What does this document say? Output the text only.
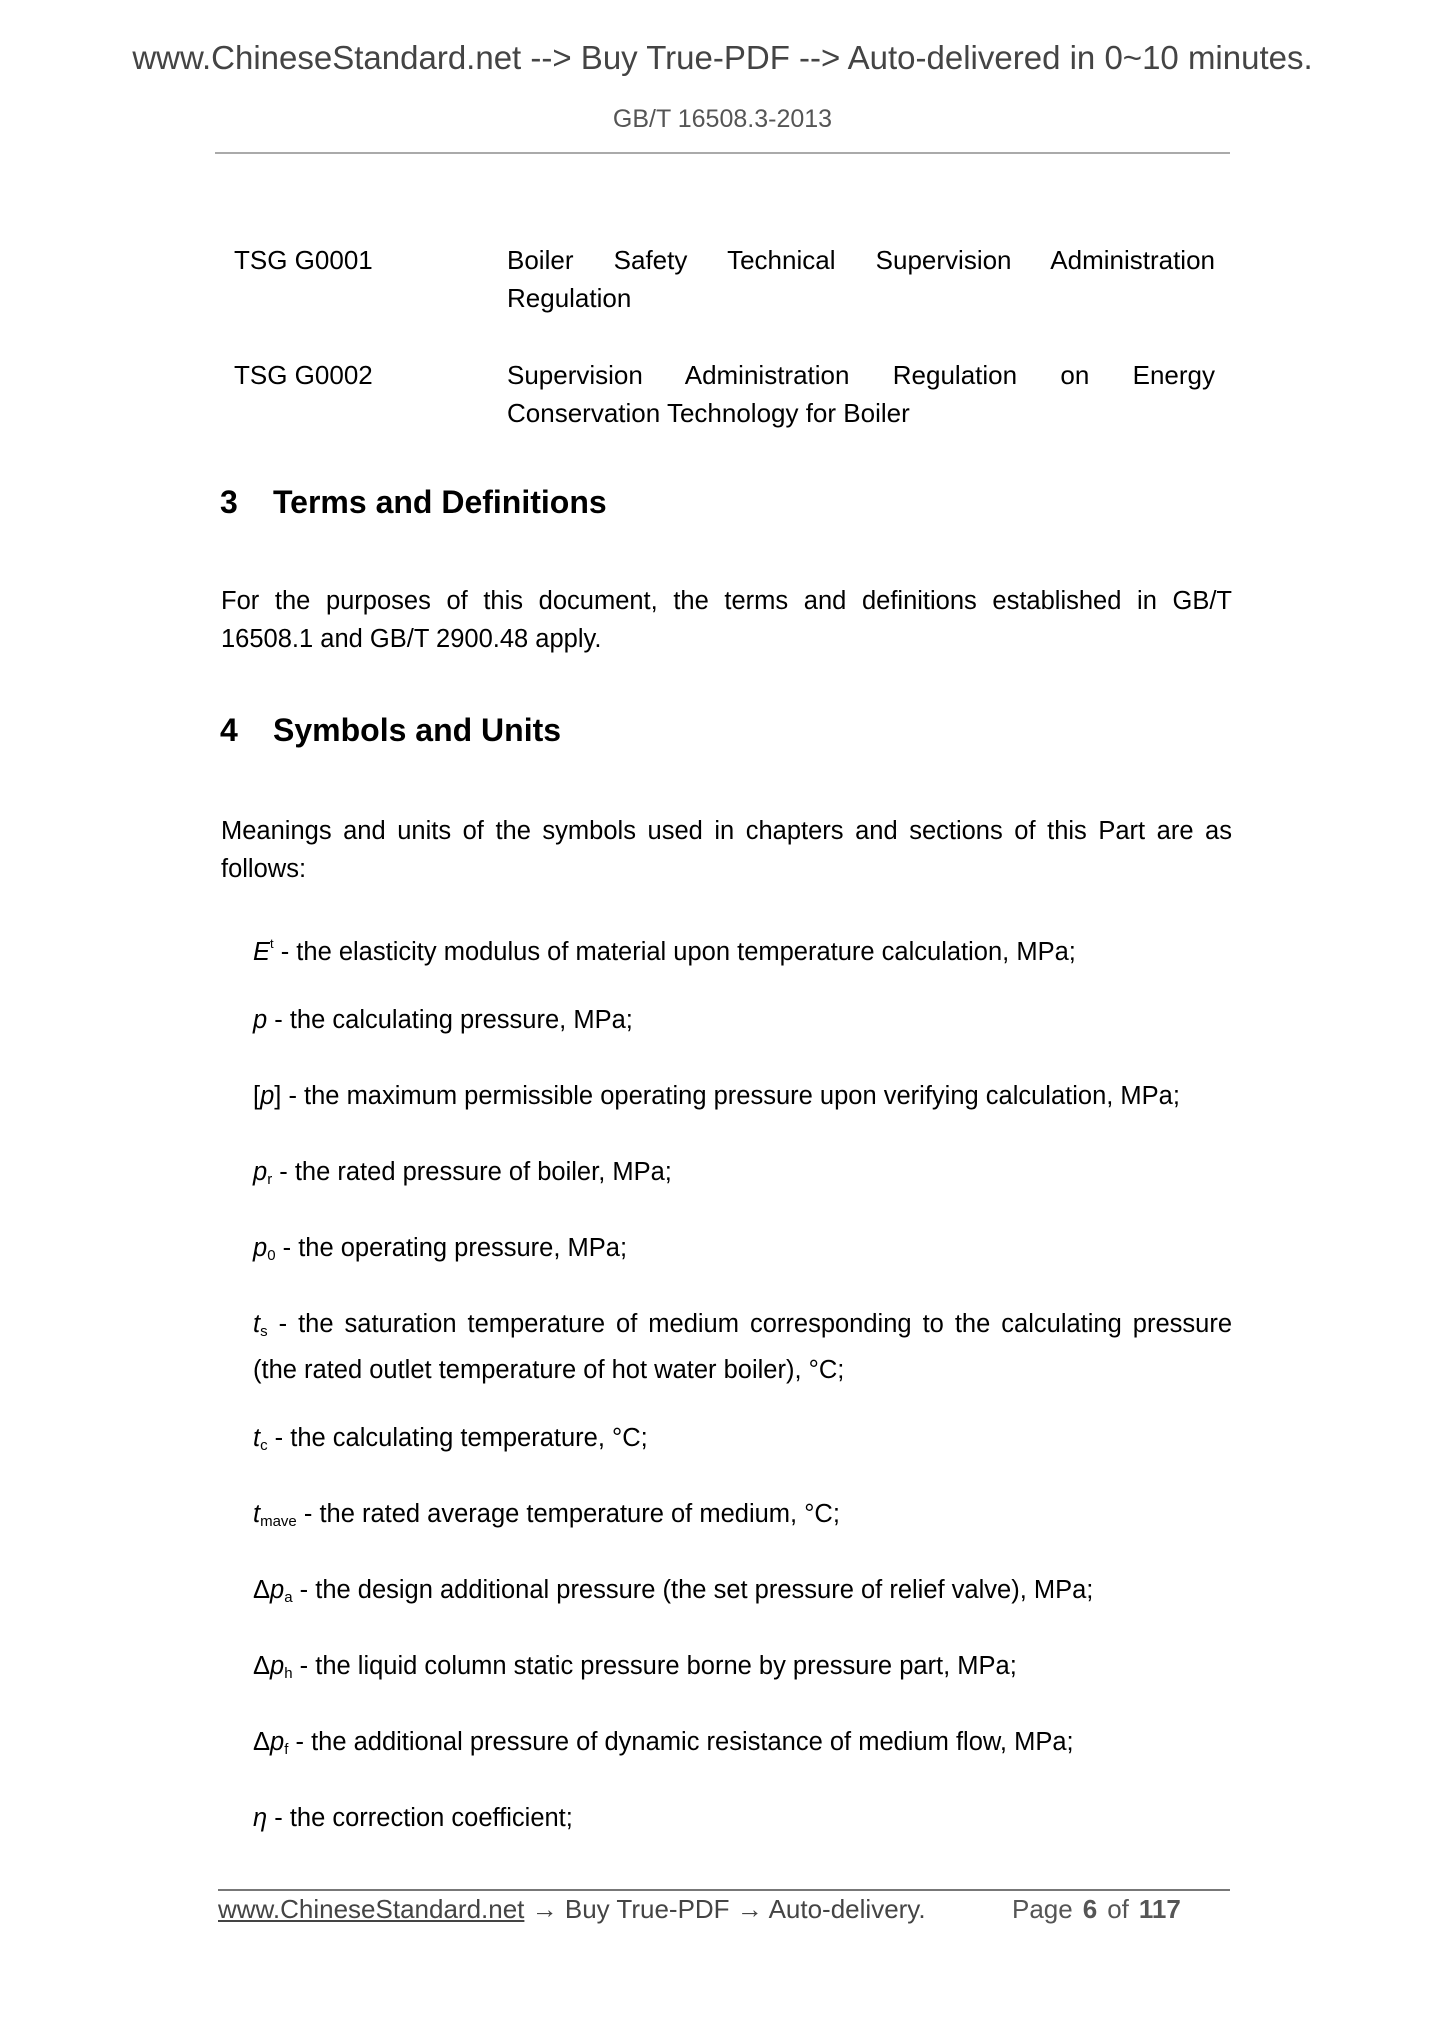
www.ChineseStandard.net --> Buy True-PDF --> Auto-delivered in 0~10 minutes.
GB/T 16508.3-2013
TSG G0001	Boiler Safety Technical Supervision Administration
Regulation
TSG G0002	Supervision Administration Regulation on Energy
Conservation Technology for Boiler
3 Terms and Definitions
For the purposes of this document, the terms and definitions established in GB/T
16508.1 and GB/T 2900.48 apply.
4 Symbols and Units
Meanings and units of the symbols used in chapters and sections of this Part are as
follows:
$E^t$ - the elasticity modulus of material upon temperature calculation, MPa;
p - the calculating pressure, MPa;
[p] - the maximum permissible operating pressure upon verifying calculation, MPa;
$p_r$ - the rated pressure of boiler, MPa;
$p_0$ - the operating pressure, MPa;
$t_s$ - the saturation temperature of medium corresponding to the calculating pressure
(the rated outlet temperature of hot water boiler), °C;
$t_c$ - the calculating temperature, °C;
$t_{mave}$ - the rated average temperature of medium, °C;
$\Delta p_a$ - the design additional pressure (the set pressure of relief valve), MPa;
$\Delta p_h$ - the liquid column static pressure borne by pressure part, MPa;
$\Delta p_f$ - the additional pressure of dynamic resistance of medium flow, MPa;
η - the correction coefficient;
www.ChineseStandard.net → Buy True-PDF → Auto-delivery.	Page 6 of 117
